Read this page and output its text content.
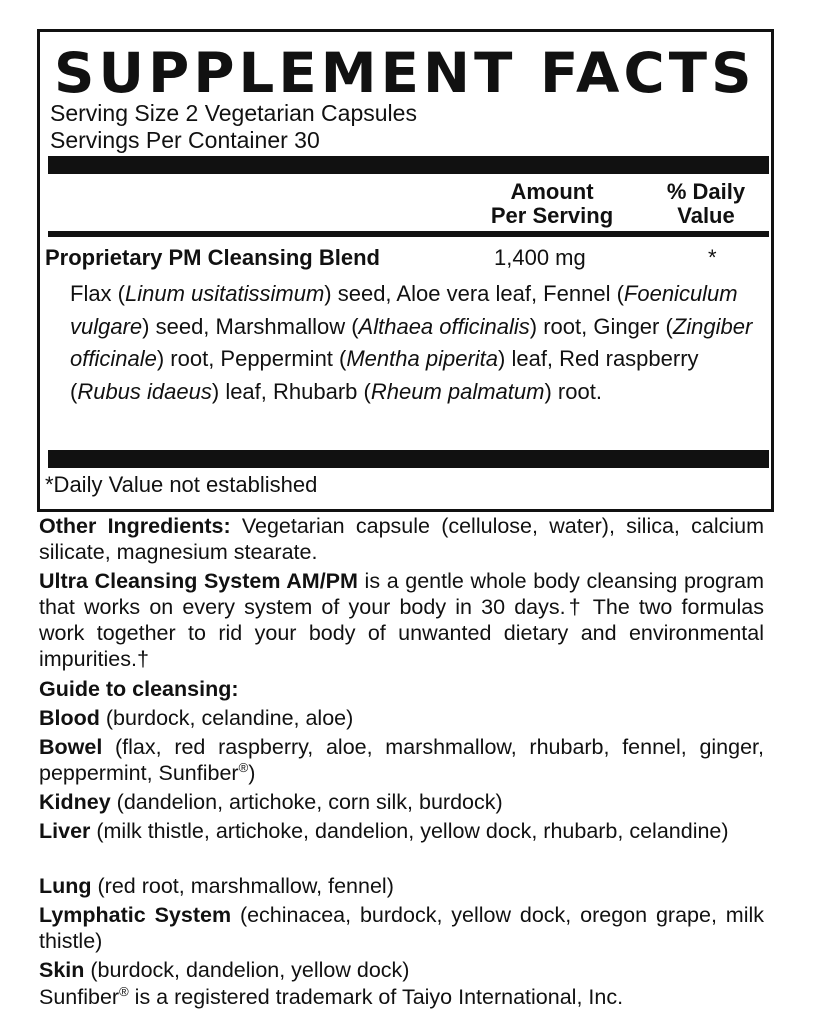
SUPPLEMENT FACTS
Serving Size 2 Vegetarian Capsules
Servings Per Container 30
Amount
Per Serving
% Daily
Value
Proprietary PM Cleansing Blend	1,400 mg	*
Flax (Linum usitatissimum) seed, Aloe vera leaf, Fennel (Foeniculum vulgare) seed, Marshmallow (Althaea officinalis) root, Ginger (Zingiber officinale) root, Peppermint (Mentha piperita) leaf, Red raspberry (Rubus idaeus) leaf, Rhubarb (Rheum palmatum) root.
*Daily Value not established
Other Ingredients: Vegetarian capsule (cellulose, water), silica, calcium silicate, magnesium stearate.
Ultra Cleansing System AM/PM is a gentle whole body cleansing program that works on every system of your body in 30 days.† The two formulas work together to rid your body of unwanted dietary and environmental impurities.†
Guide to cleansing:
Blood (burdock, celandine, aloe)
Bowel (flax, red raspberry, aloe, marshmallow, rhubarb, fennel, ginger, peppermint, Sunfiber®)
Kidney (dandelion, artichoke, corn silk, burdock)
Liver (milk thistle, artichoke, dandelion, yellow dock, rhubarb, celandine)
Lung (red root, marshmallow, fennel)
Lymphatic System (echinacea, burdock, yellow dock, oregon grape, milk thistle)
Skin (burdock, dandelion, yellow dock)
Sunfiber® is a registered trademark of Taiyo International, Inc.
